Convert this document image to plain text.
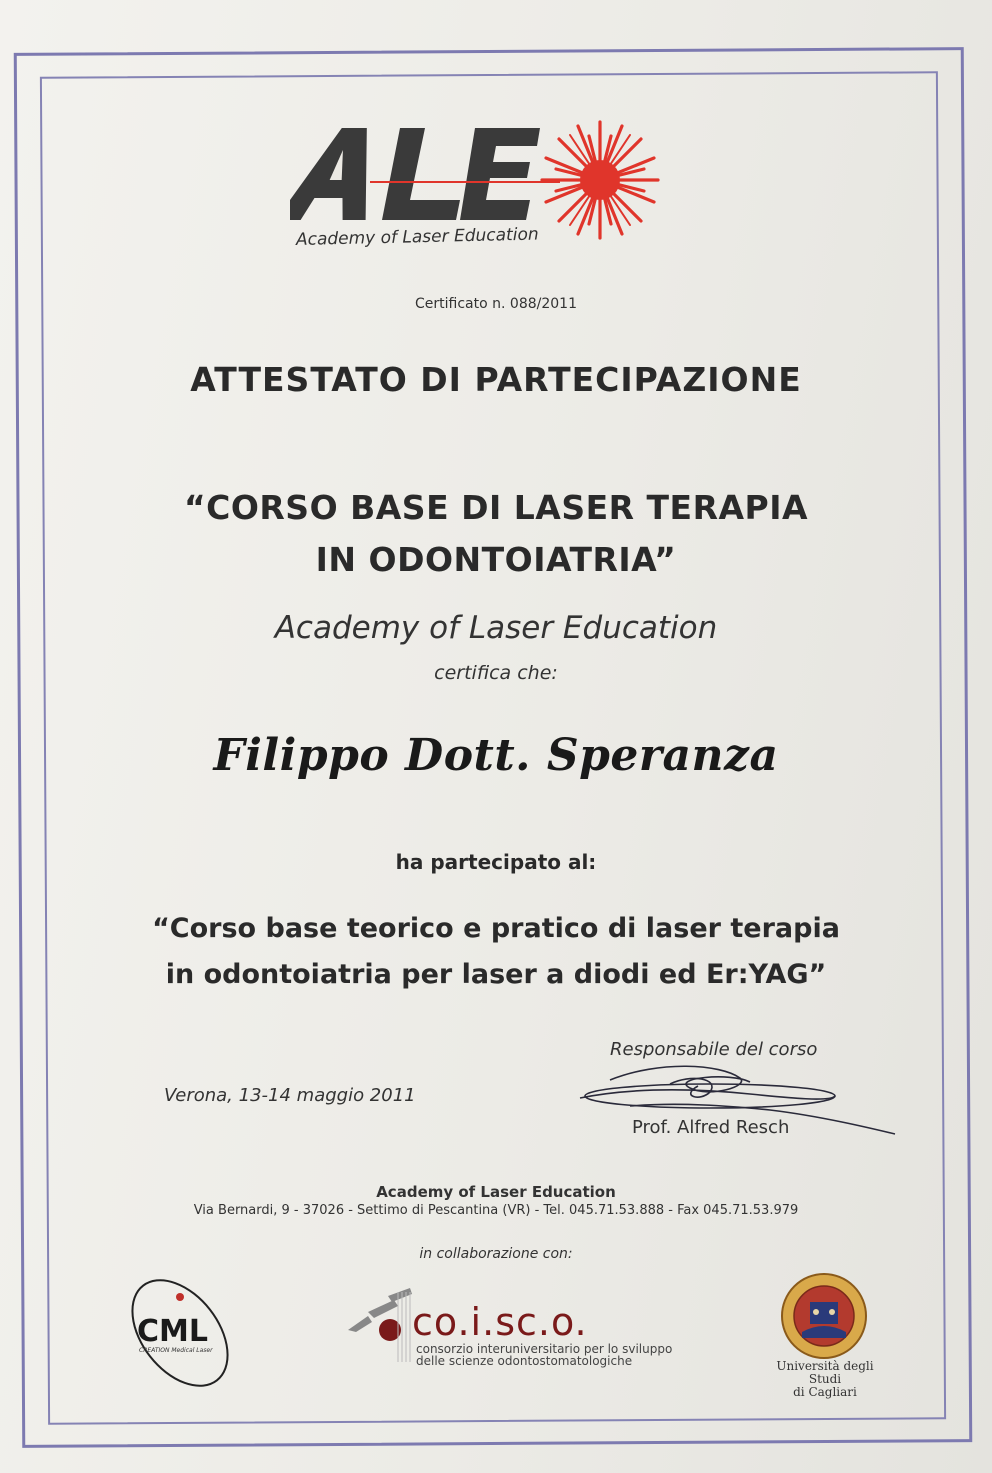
Academy of Laser Education
Certificato n. 088/2011
ATTESTATO DI PARTECIPAZIONE
“CORSO BASE DI LASER TERAPIA
IN ODONTOIATRIA”
Academy of Laser Education
certifica che:
Filippo Dott. Speranza
ha partecipato al:
“Corso base teorico e pratico di laser terapia
in odontoiatria per laser a diodi ed Er:YAG”
Responsabile del corso
Verona, 13-14 maggio 2011
Prof. Alfred Resch
Academy of Laser Education
Via Bernardi, 9 - 37026 - Settimo di Pescantina (VR) - Tel. 045.71.53.888 - Fax 045.71.53.979
in collaborazione con:
CML
CREATION Medical Laser
co.i.sc.o.
consorzio interuniversitario per lo sviluppo
delle scienze odontostomatologiche	Università degli Studi
di Cagliari
